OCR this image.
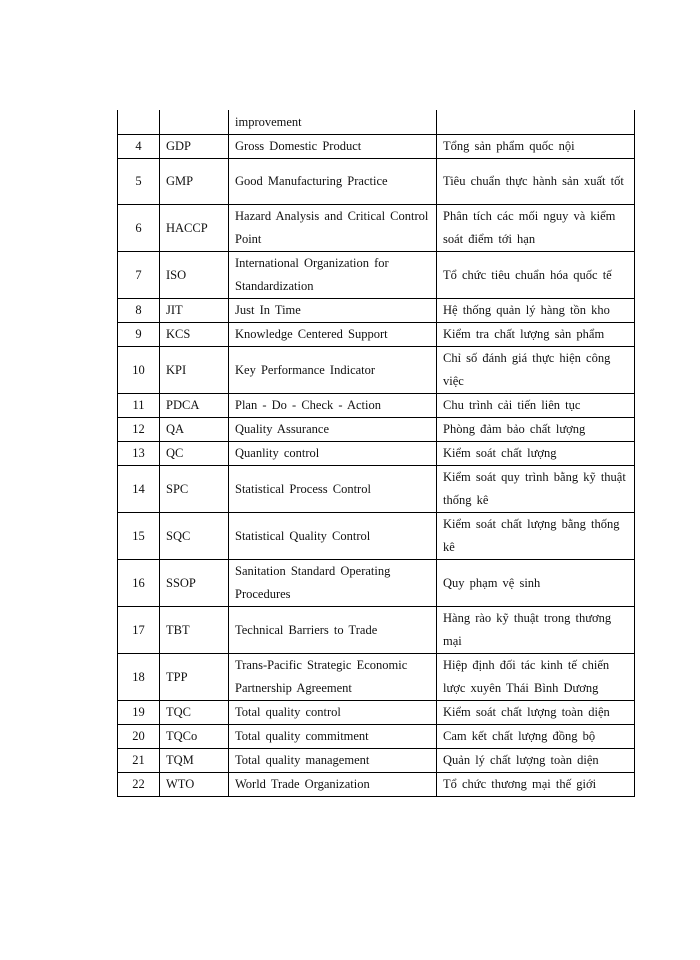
		improvement	
4	GDP	Gross Domestic Product	Tổng sản phẩm quốc nội
5	GMP	Good Manufacturing Practice	Tiêu chuẩn thực hành sản xuất tốt
6	HACCP	Hazard Analysis and Critical Control Point	Phân tích các mối nguy và kiểm soát điểm tới hạn
7	ISO	International Organization for Standardization	Tổ chức tiêu chuẩn hóa quốc tế
8	JIT	Just In Time	Hệ thống quản lý hàng tồn kho
9	KCS	Knowledge Centered Support	Kiểm tra chất lượng sản phẩm
10	KPI	Key Performance Indicator	Chỉ số đánh giá thực hiện công việc
11	PDCA	Plan - Do - Check - Action	Chu trình cải tiến liên tục
12	QA	Quality Assurance	Phòng đảm bảo chất lượng
13	QC	Quanlity control	Kiểm soát chất lượng
14	SPC	Statistical Process Control	Kiểm soát quy trình bằng kỹ thuật thống kê
15	SQC	Statistical Quality Control	Kiểm soát chất lượng bằng thống kê
16	SSOP	Sanitation Standard Operating Procedures	Quy phạm vệ sinh
17	TBT	Technical Barriers to Trade	Hàng rào kỹ thuật trong thương mại
18	TPP	Trans-Pacific Strategic Economic Partnership Agreement	Hiệp định đối tác kinh tế chiến lược xuyên Thái Bình Dương
19	TQC	Total quality control	Kiểm soát chất lượng toàn diện
20	TQCo	Total quality commitment	Cam kết chất lượng đồng bộ
21	TQM	Total quality management	Quản lý chất lượng toàn diện
22	WTO	World Trade Organization	Tổ chức thương mại thế giới
